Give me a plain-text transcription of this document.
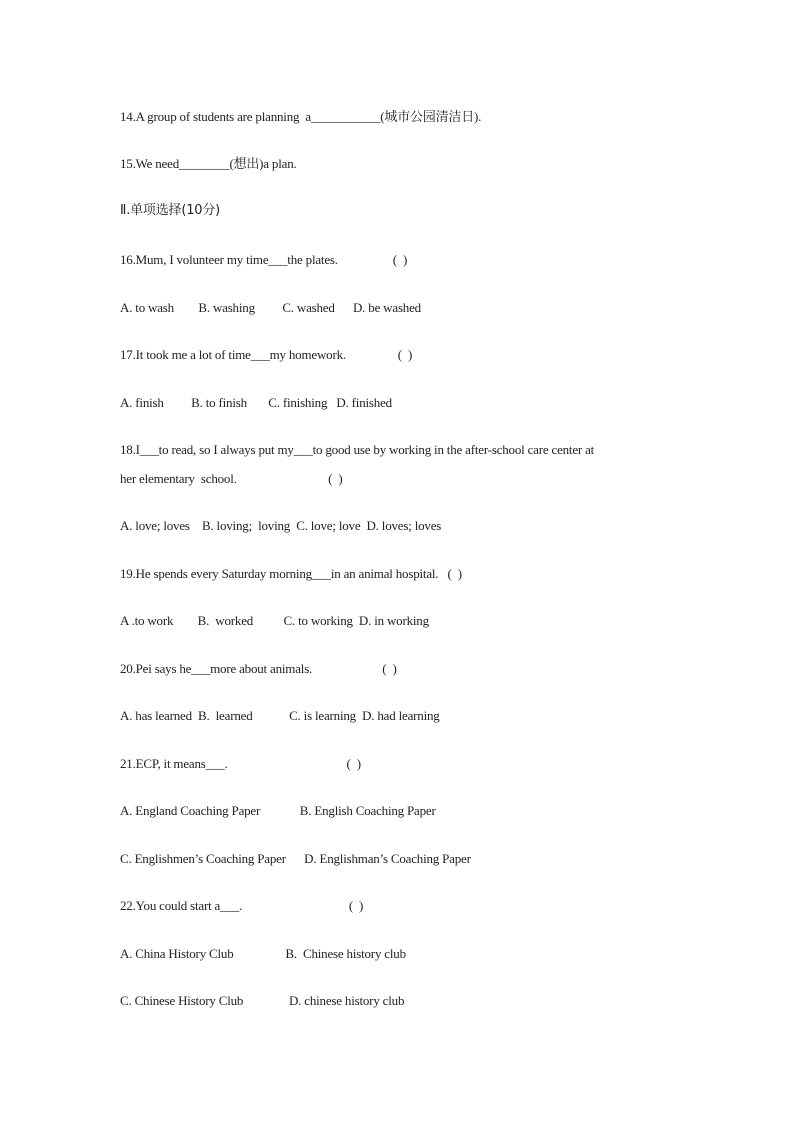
14.A group of students are planning  a___________(城市公园清洁日).
15.We need________(想出)a plan.
Ⅱ.单项选择(10分)
16.Mum, I volunteer my time___the plates.                  (  )
A. to wash        B. washing         C. washed      D. be washed
17.It took me a lot of time___my homework.                 (  )
A. finish         B. to finish       C. finishing   D. finished
18.I___to read, so I always put my___to good use by working in the after-school care center at
her elementary  school.                              (  )
A. love; loves    B. loving;  loving  C. love; love  D. loves; loves
19.He spends every Saturday morning___in an animal hospital.   (  )
A .to work        B.  worked          C. to working  D. in working
20.Pei says he___more about animals.                       (  )
A. has learned  B.  learned            C. is learning  D. had learning
21.ECP, it means___.                                       (  )
A. England Coaching Paper             B. English Coaching Paper
C. Englishmen’s Coaching Paper      D. Englishman’s Coaching Paper
22.You could start a___.                                   (  )
A. China History Club                 B.  Chinese history club
C. Chinese History Club               D. chinese history club
